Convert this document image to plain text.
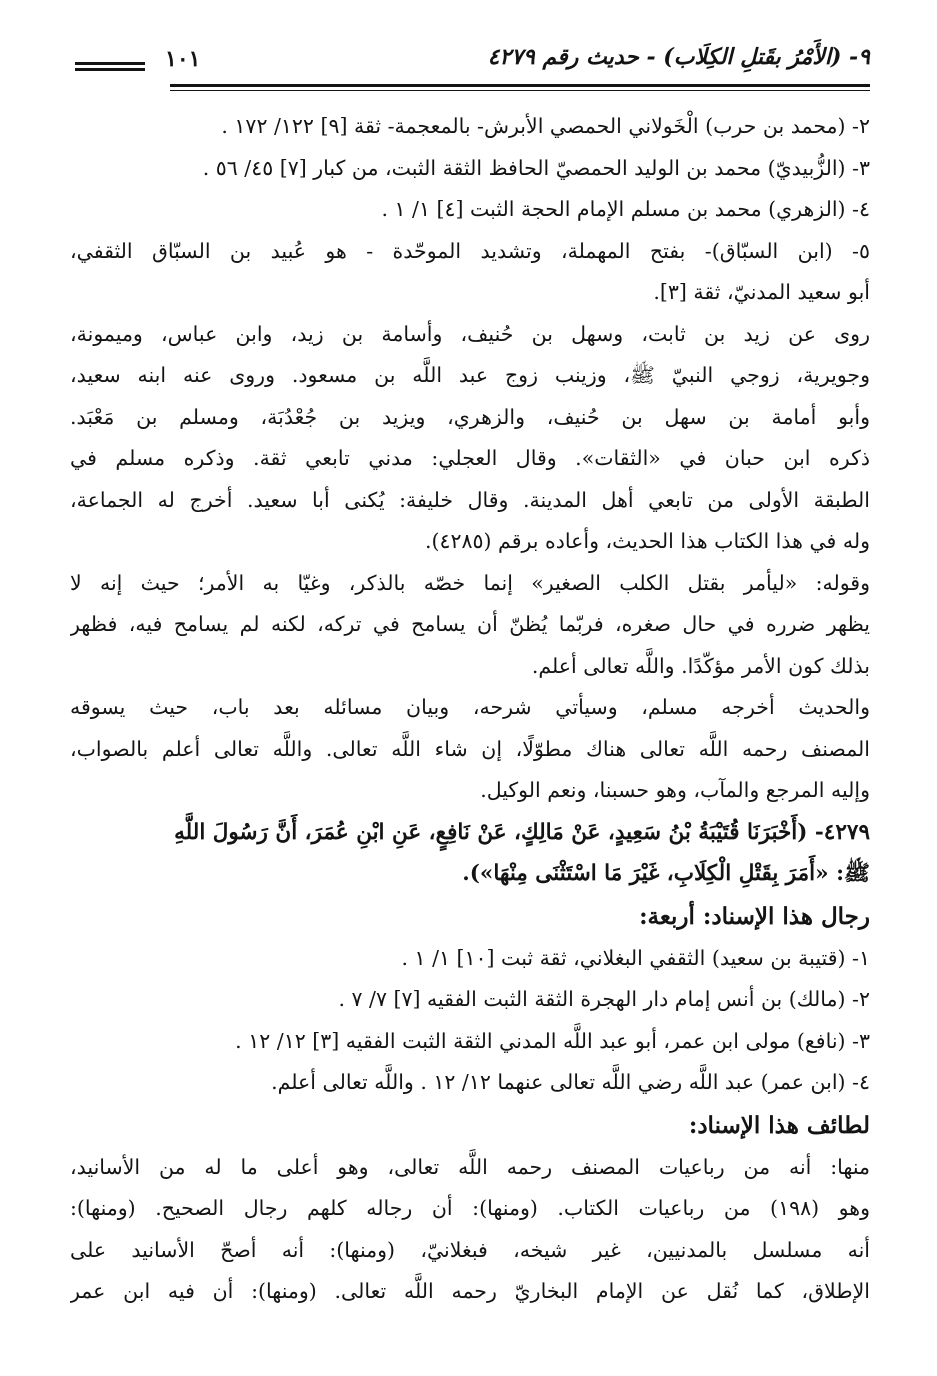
٩- (الأَمْرُ بقَتلِ الكِلَاب) - حديث رقم ٤٢٧٩
١٠١
٢- (محمد بن حرب) الْخَولاني الحمصي الأبرش- بالمعجمة- ثقة [٩] ١٢٢/ ١٧٢ .
٣- (الزُّبيديّ) محمد بن الوليد الحمصيّ الحافظ الثقة الثبت، من كبار [٧] ٤٥/ ٥٦ .
٤- (الزهري) محمد بن مسلم الإمام الحجة الثبت [٤] ١/ ١ .
٥- (ابن السبّاق)- بفتح المهملة، وتشديد الموحّدة - هو عُبيد بن السبّاق الثقفي،
أبو سعيد المدنيّ، ثقة [٣].
روى عن زيد بن ثابت، وسهل بن حُنيف، وأسامة بن زيد، وابن عباس، وميمونة،
وجويرية، زوجي النبيّ ﷺ، وزينب زوج عبد اللَّه بن مسعود. وروى عنه ابنه سعيد،
وأبو أمامة بن سهل بن حُنيف، والزهري، ويزيد بن جُعْدُبَة، ومسلم بن مَعْبَد.
ذكره ابن حبان في «الثقات». وقال العجلي: مدني تابعي ثقة. وذكره مسلم في
الطبقة الأولى من تابعي أهل المدينة. وقال خليفة: يُكنى أبا سعيد. أخرج له الجماعة،
وله في هذا الكتاب هذا الحديث، وأعاده برقم (٤٢٨٥).
وقوله: «ليأمر بقتل الكلب الصغير» إنما خصّه بالذكر، وغيّا به الأمر؛ حيث إنه لا
يظهر ضرره في حال صغره، فربّما يُظنّ أن يسامح في تركه، لكنه لم يسامح فيه، فظهر
بذلك كون الأمر مؤكّدًا. واللَّه تعالى أعلم.
والحديث أخرجه مسلم، وسيأتي شرحه، وبيان مسائله بعد باب، حيث يسوقه
المصنف رحمه اللَّه تعالى هناك مطوّلًا، إن شاء اللَّه تعالى. واللَّه تعالى أعلم بالصواب،
وإليه المرجع والمآب، وهو حسبنا، ونعم الوكيل.
٤٢٧٩- (أَخْبَرَنَا قُتَيْبَةُ بْنُ سَعِيدٍ، عَنْ مَالِكٍ، عَنْ نَافِعٍ، عَنِ ابْنِ عُمَرَ، أَنَّ رَسُولَ اللَّهِ
ﷺ: «أَمَرَ بِقَتْلِ الْكِلَابِ، غَيْرَ مَا اسْتَثْنَى مِنْهَا»).
رجال هذا الإسناد: أربعة:
١- (قتيبة بن سعيد) الثقفي البغلاني، ثقة ثبت [١٠] ١/ ١ .
٢- (مالك) بن أنس إمام دار الهجرة الثقة الثبت الفقيه [٧] ٧/ ٧ .
٣- (نافع) مولى ابن عمر، أبو عبد اللَّه المدني الثقة الثبت الفقيه [٣] ١٢/ ١٢ .
٤- (ابن عمر) عبد اللَّه رضي اللَّه تعالى عنهما ١٢/ ١٢ . واللَّه تعالى أعلم.
لطائف هذا الإسناد:
منها: أنه من رباعيات المصنف رحمه اللَّه تعالى، وهو أعلى ما له من الأسانيد،
وهو (١٩٨) من رباعيات الكتاب. (ومنها): أن رجاله كلهم رجال الصحيح. (ومنها):
أنه مسلسل بالمدنيين، غير شيخه، فبغلانيّ، (ومنها): أنه أصحّ الأسانيد على
الإطلاق، كما نُقل عن الإمام البخاريّ رحمه اللَّه تعالى. (ومنها): أن فيه ابن عمر
